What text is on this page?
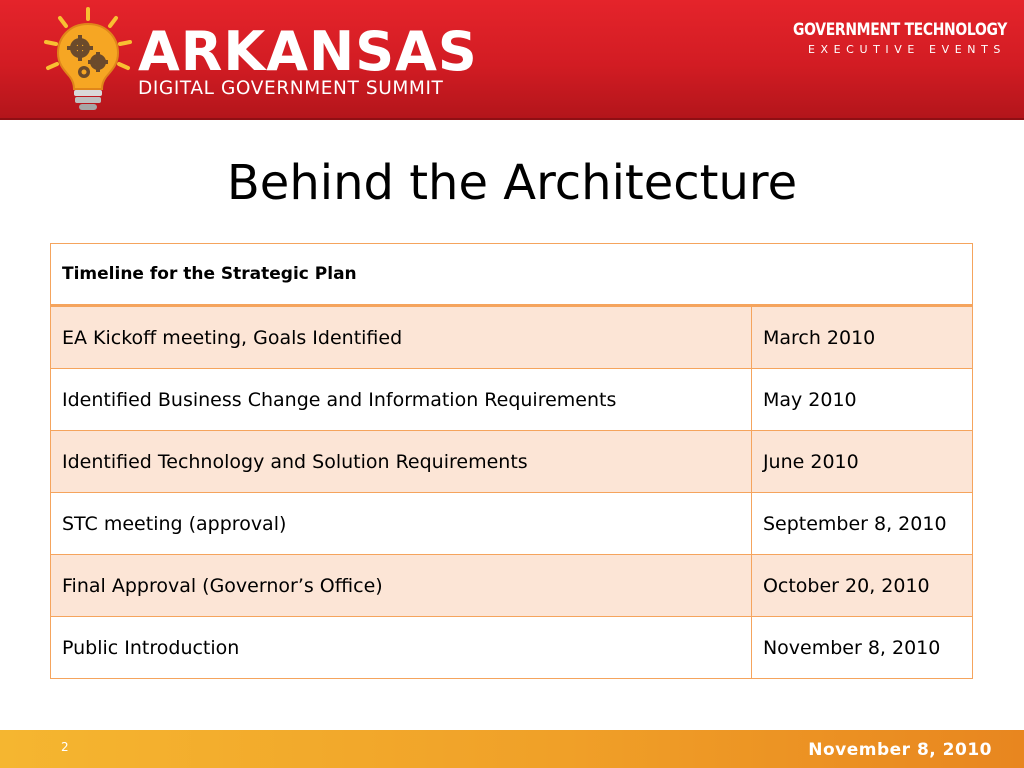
ARKANSAS
DIGITAL GOVERNMENT SUMMIT
GOVERNMENT TECHNOLOGY
EXECUTIVE EVENTS
Behind the Architecture
Timeline for the Strategic Plan	
EA Kickoff meeting, Goals Identified	March 2010
Identified Business Change and Information Requirements	May 2010
Identified Technology and Solution Requirements	June 2010
STC meeting (approval)	September 8, 2010
Final Approval (Governor’s Office)	October 20, 2010
Public Introduction	November 8, 2010
2	November 8, 2010
